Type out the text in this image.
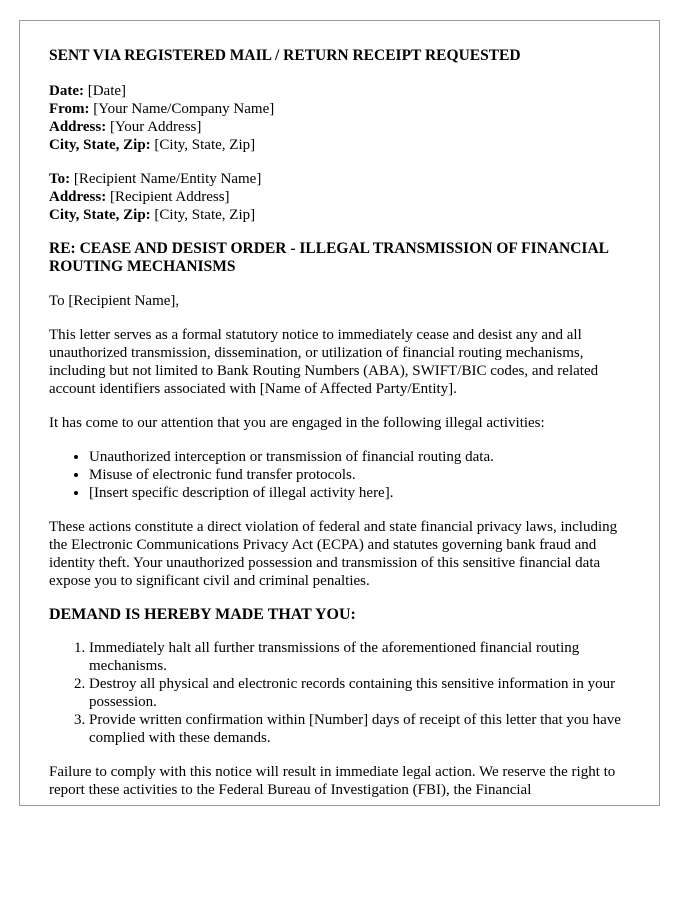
SENT VIA REGISTERED MAIL / RETURN RECEIPT REQUESTED
Date: [Date]
From: [Your Name/Company Name]
Address: [Your Address]
City, State, Zip: [City, State, Zip]
To: [Recipient Name/Entity Name]
Address: [Recipient Address]
City, State, Zip: [City, State, Zip]
RE: CEASE AND DESIST ORDER - ILLEGAL TRANSMISSION OF FINANCIAL ROUTING MECHANISMS

To [Recipient Name],

This letter serves as a formal statutory notice to immediately cease and desist any and all unauthorized transmission, dissemination, or utilization of financial routing mechanisms, including but not limited to Bank Routing Numbers (ABA), SWIFT/BIC codes, and related account identifiers associated with [Name of Affected Party/Entity].

It has come to our attention that you are engaged in the following illegal activities:

• Unauthorized interception or transmission of financial routing data.
• Misuse of electronic fund transfer protocols.
• [Insert specific description of illegal activity here].

These actions constitute a direct violation of federal and state financial privacy laws, including the Electronic Communications Privacy Act (ECPA) and statutes governing bank fraud and identity theft. Your unauthorized possession and transmission of this sensitive financial data expose you to significant civil and criminal penalties.

DEMAND IS HEREBY MADE THAT YOU:
1. Immediately halt all further transmissions of the aforementioned financial routing mechanisms.
2. Destroy all physical and electronic records containing this sensitive information in your possession.
3. Provide written confirmation within [Number] days of receipt of this letter that you have complied with these demands.

Failure to comply with this notice will result in immediate legal action. We reserve the right to report these activities to the Federal Bureau of Investigation (FBI), the Financial
